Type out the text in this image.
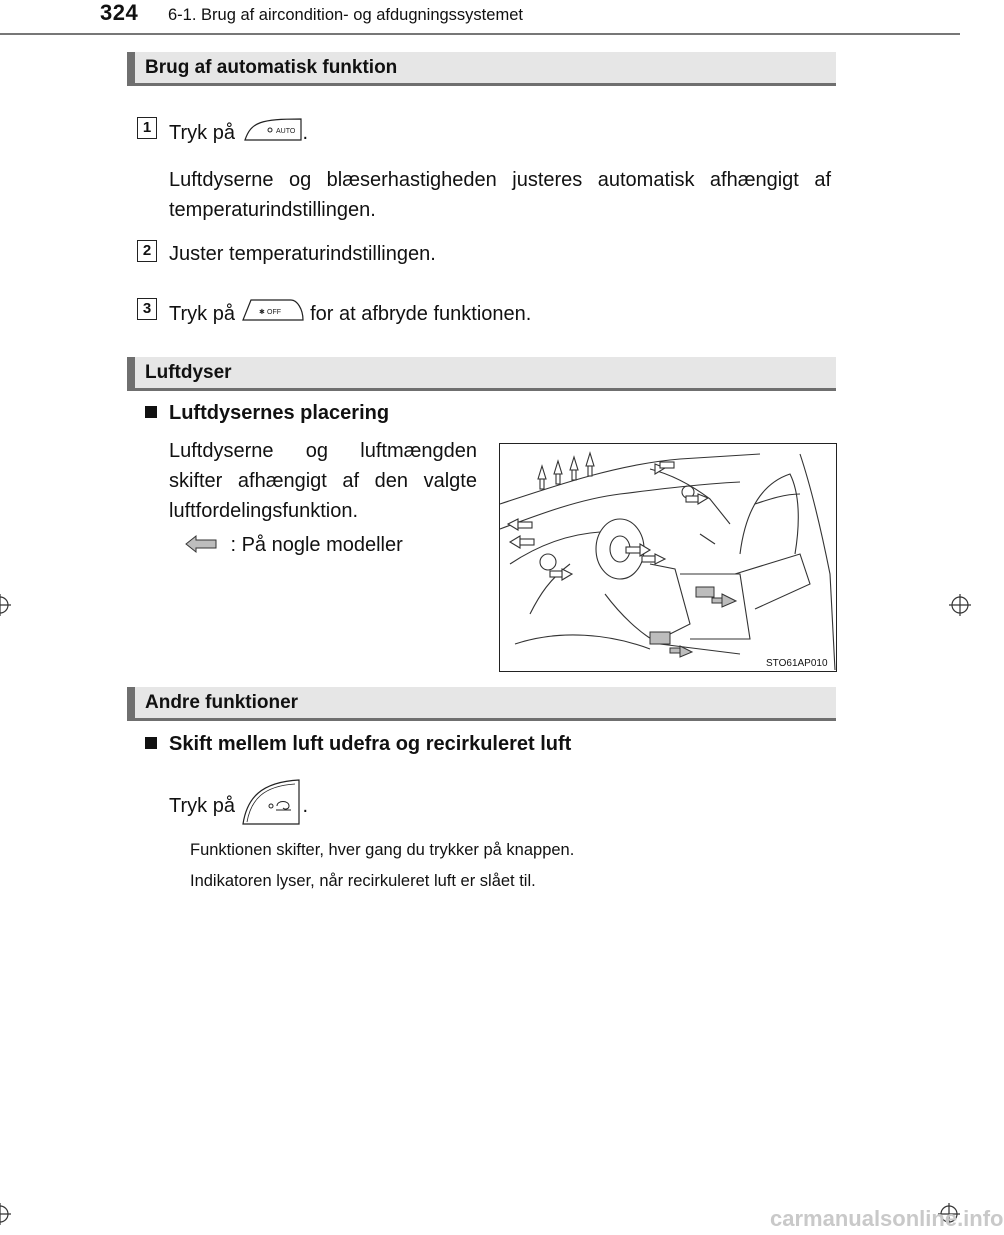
324 6-1. Brug af aircondition- og afdugningssystemet
Brug af automatisk funktion
1 Tryk på	AUTO .
Luftdyserne og blæserhastigheden justeres automatisk afhængigt af temperaturindstillingen.
2 Juster temperaturindstillingen.
3 Tryk på	✱ OFF for at afbryde funktionen.
Luftdyser
Luftdysernes placering
Luftdyserne og luftmængden skifter afhængigt af den valgte luftfordelingsfunktion.
: På nogle modeller
STO61AP010
Andre funktioner
Skift mellem luft udefra og recirkuleret luft
Tryk på	.
Funktionen skifter, hver gang du trykker på knappen.
Indikatoren lyser, når recirkuleret luft er slået til.
carmanualsonline.info
